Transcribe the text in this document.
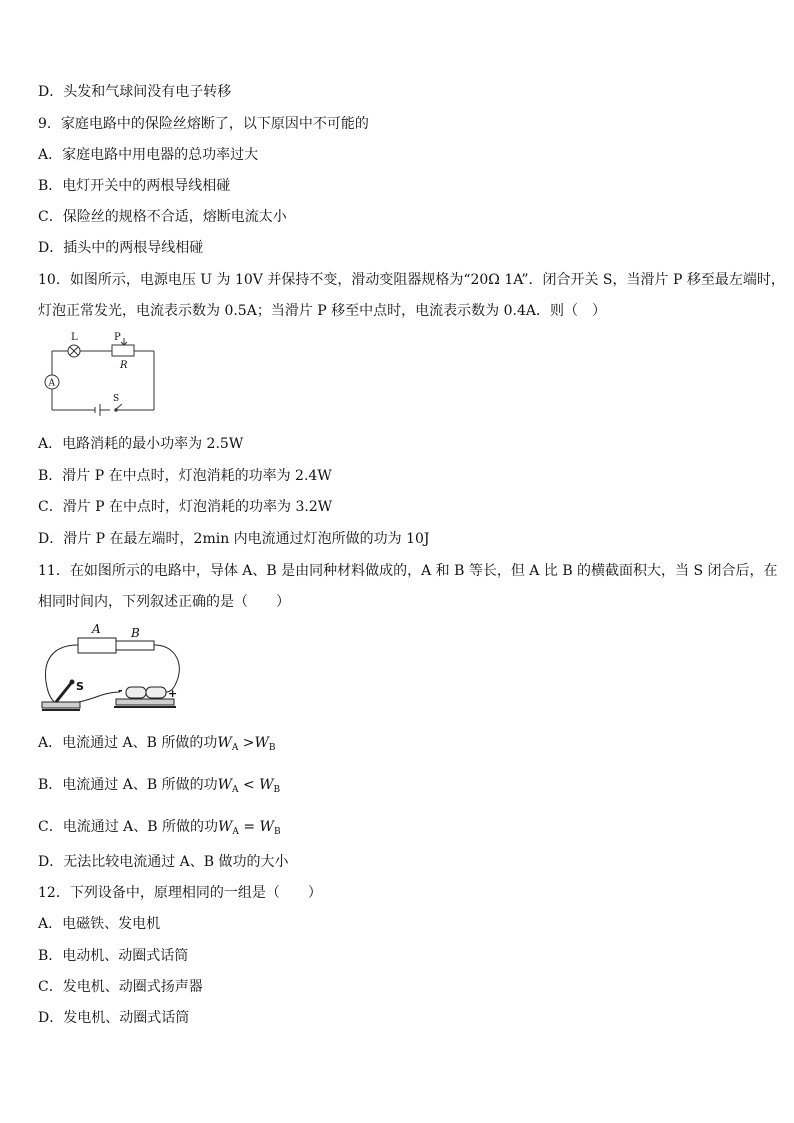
D．头发和气球间没有电子转移
9．家庭电路中的保险丝熔断了，以下原因中不可能的
A．家庭电路中用电器的总功率过大
B．电灯开关中的两根导线相碰
C．保险丝的规格不合适，熔断电流太小
D．插头中的两根导线相碰
10．如图所示，电源电压 U 为 10V 并保持不变，滑动变阻器规格为“20Ω 1A”．闭合开关 S，当滑片 P 移至最左端时，
灯泡正常发光，电流表示数为 0.5A；当滑片 P 移至中点时，电流表示数为 0.4A．则（　）
L	P
R
A
S
A．电路消耗的最小功率为 2.5W
B．滑片 P 在中点时，灯泡消耗的功率为 2.4W
C．滑片 P 在中点时，灯泡消耗的功率为 3.2W
D．滑片 P 在最左端时，2min 内电流通过灯泡所做的功为 10J
11．在如图所示的电路中，导体 A、B 是由同种材料做成的，A 和 B 等长，但 A 比 B 的横截面积大，当 S 闭合后，在
相同时间内，下列叙述正确的是（　　）
A	B
S
+
-
A．电流通过 A、B 所做的功$W_A >W_B$
B．电流通过 A、B 所做的功$W_A < W_B$
C．电流通过 A、B 所做的功$W_A = W_B$
D．无法比较电流通过 A、B 做功的大小
12．下列设备中，原理相同的一组是（　　）
A．电磁铁、发电机
B．电动机、动圈式话筒
C．发电机、动圈式扬声器
D．发电机、动圈式话筒
